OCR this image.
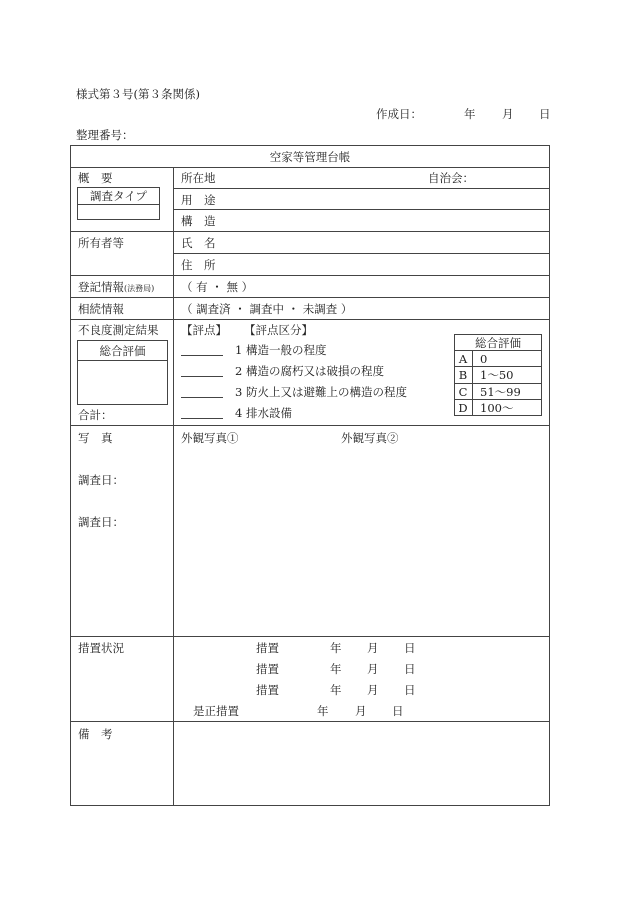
様式第３号(第３条関係)
作成日：	年 月 日
整理番号：
空家等管理台帳
概　要
調査タイプ
所在地	自治会：
用　途
構　造
所有者等	氏　名
住　所
登記情報(法務局) （ 有 ・ 無 ）
相続情報	（ 調査済 ・ 調査中 ・ 未調査 ）
不良度測定結果
総合評価
合計：
【評点】 【評点区分】
1 構造一般の程度
2 構造の腐朽又は破損の程度
3 防火上又は避難上の構造の程度
4 排水設備
総合評価
A	0
B	1〜50
C	51〜99
D	100〜
写　真
調査日：
調査日：
外観写真①	外観写真②
措置状況	措置	年 月 日
措置	年 月 日
措置	年 月 日
是正措置	年 月 日
備　考
